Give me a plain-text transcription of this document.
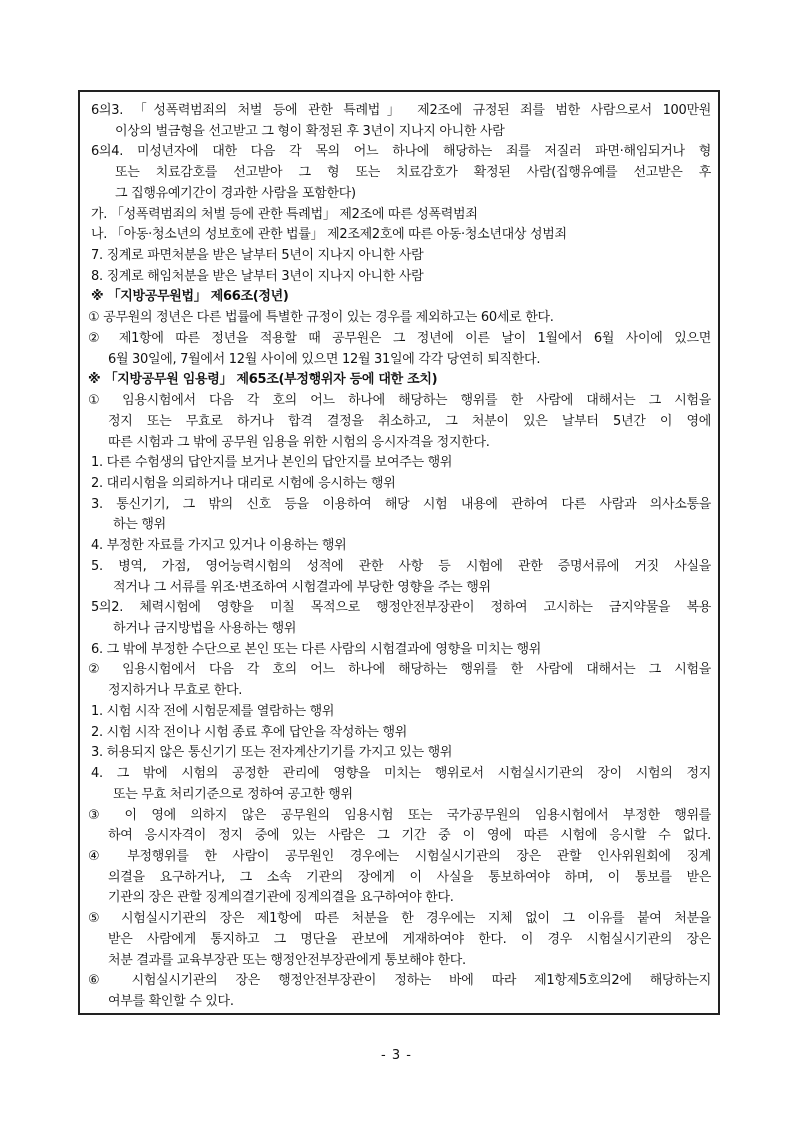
6의3. 「성폭력범죄의 처벌 등에 관한 특례법」 제2조에 규정된 죄를 범한 사람으로서 100만원
이상의 벌금형을 선고받고 그 형이 확정된 후 3년이 지나지 아니한 사람
6의4. 미성년자에 대한 다음 각 목의 어느 하나에 해당하는 죄를 저질러 파면·해임되거나 형
또는 치료감호를 선고받아 그 형 또는 치료감호가 확정된 사람(집행유예를 선고받은 후
그 집행유예기간이 경과한 사람을 포함한다)
가. 「성폭력범죄의 처벌 등에 관한 특례법」 제2조에 따른 성폭력범죄
나. 「아동·청소년의 성보호에 관한 법률」 제2조제2호에 따른 아동·청소년대상 성범죄
7. 징계로 파면처분을 받은 날부터 5년이 지나지 아니한 사람
8. 징계로 해임처분을 받은 날부터 3년이 지나지 아니한 사람
※ 「지방공무원법」 제66조(정년)
① 공무원의 정년은 다른 법률에 특별한 규정이 있는 경우를 제외하고는 60세로 한다.
② 제1항에 따른 정년을 적용할 때 공무원은 그 정년에 이른 날이 1월에서 6월 사이에 있으면
6월 30일에, 7월에서 12월 사이에 있으면 12월 31일에 각각 당연히 퇴직한다.
※ 「지방공무원 임용령」 제65조(부정행위자 등에 대한 조치)
① 임용시험에서 다음 각 호의 어느 하나에 해당하는 행위를 한 사람에 대해서는 그 시험을
정지 또는 무효로 하거나 합격 결정을 취소하고, 그 처분이 있은 날부터 5년간 이 영에
따른 시험과 그 밖에 공무원 임용을 위한 시험의 응시자격을 정지한다.
1. 다른 수험생의 답안지를 보거나 본인의 답안지를 보여주는 행위
2. 대리시험을 의뢰하거나 대리로 시험에 응시하는 행위
3. 통신기기, 그 밖의 신호 등을 이용하여 해당 시험 내용에 관하여 다른 사람과 의사소통을
하는 행위
4. 부정한 자료를 가지고 있거나 이용하는 행위
5. 병역, 가점, 영어능력시험의 성적에 관한 사항 등 시험에 관한 증명서류에 거짓 사실을
적거나 그 서류를 위조·변조하여 시험결과에 부당한 영향을 주는 행위
5의2. 체력시험에 영향을 미칠 목적으로 행정안전부장관이 정하여 고시하는 금지약물을 복용
하거나 금지방법을 사용하는 행위
6. 그 밖에 부정한 수단으로 본인 또는 다른 사람의 시험결과에 영향을 미치는 행위
② 임용시험에서 다음 각 호의 어느 하나에 해당하는 행위를 한 사람에 대해서는 그 시험을
정지하거나 무효로 한다.
1. 시험 시작 전에 시험문제를 열람하는 행위
2. 시험 시작 전이나 시험 종료 후에 답안을 작성하는 행위
3. 허용되지 않은 통신기기 또는 전자계산기기를 가지고 있는 행위
4. 그 밖에 시험의 공정한 관리에 영향을 미치는 행위로서 시험실시기관의 장이 시험의 정지
또는 무효 처리기준으로 정하여 공고한 행위
③ 이 영에 의하지 않은 공무원의 임용시험 또는 국가공무원의 임용시험에서 부정한 행위를
하여 응시자격이 정지 중에 있는 사람은 그 기간 중 이 영에 따른 시험에 응시할 수 없다.
④ 부정행위를 한 사람이 공무원인 경우에는 시험실시기관의 장은 관할 인사위원회에 징계
의결을 요구하거나, 그 소속 기관의 장에게 이 사실을 통보하여야 하며, 이 통보를 받은
기관의 장은 관할 징계의결기관에 징계의결을 요구하여야 한다.
⑤ 시험실시기관의 장은 제1항에 따른 처분을 한 경우에는 지체 없이 그 이유를 붙여 처분을
받은 사람에게 통지하고 그 명단을 관보에 게재하여야 한다. 이 경우 시험실시기관의 장은
처분 결과를 교육부장관 또는 행정안전부장관에게 통보해야 한다.
⑥ 시험실시기관의 장은 행정안전부장관이 정하는 바에 따라 제1항제5호의2에 해당하는지
여부를 확인할 수 있다.
- 3 -
